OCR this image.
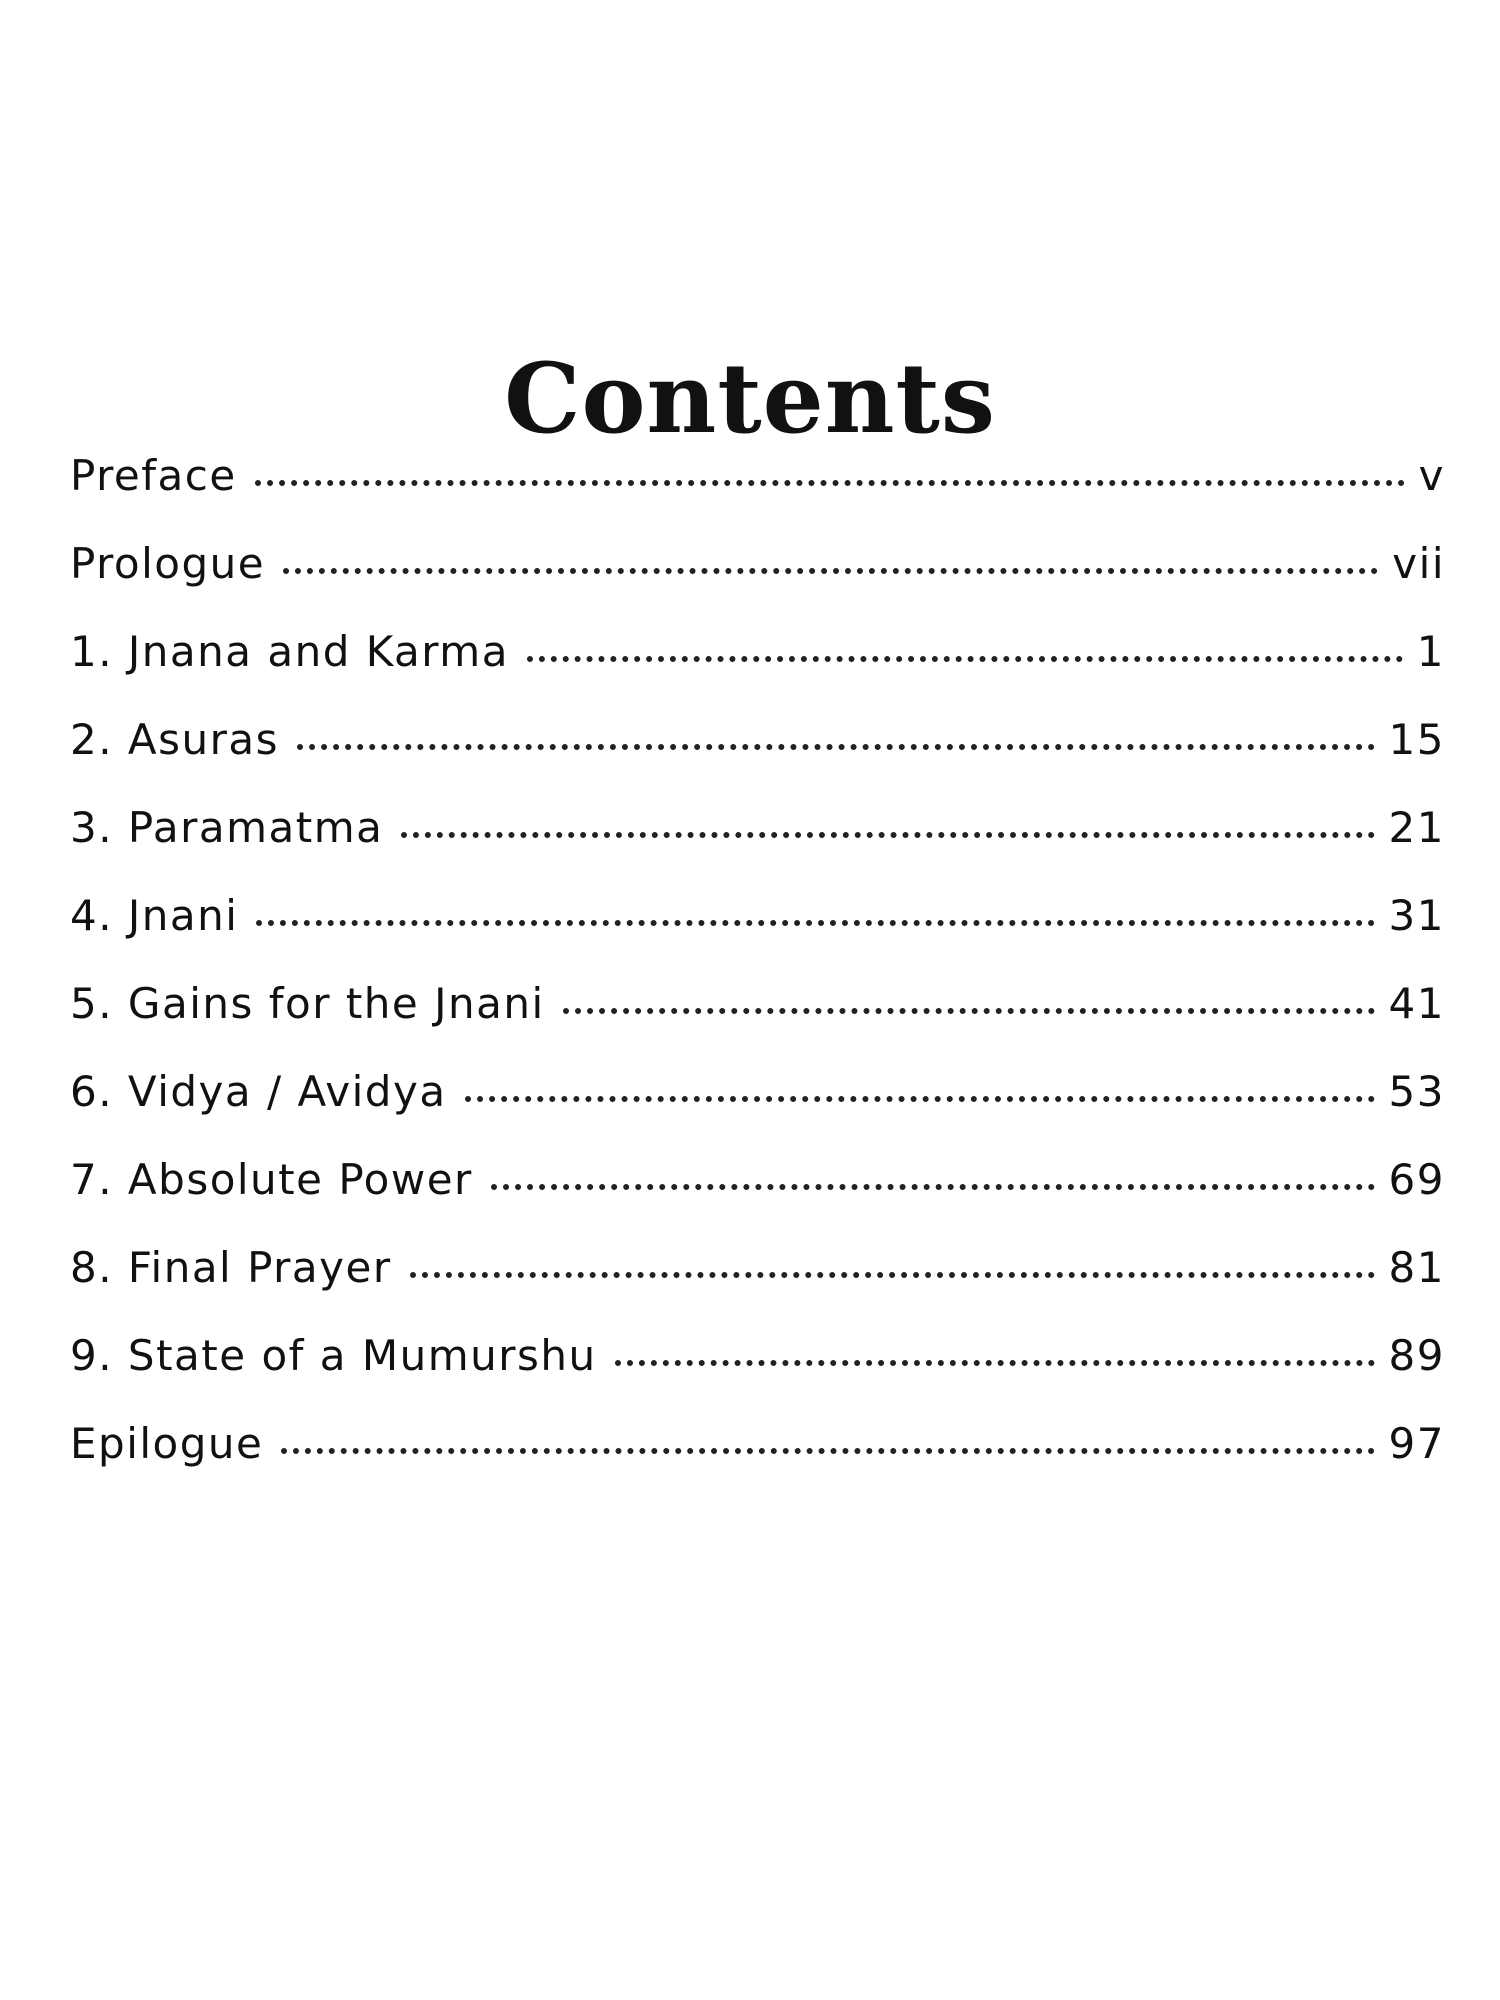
Contents
Preface	v
Prologue	vii
1. Jnana and Karma	1
2. Asuras	15
3. Paramatma	21
4. Jnani	31
5. Gains for the Jnani	41
6. Vidya / Avidya	53
7. Absolute Power	69
8. Final Prayer	81
9. State of a Mumurshu	89
Epilogue	97
